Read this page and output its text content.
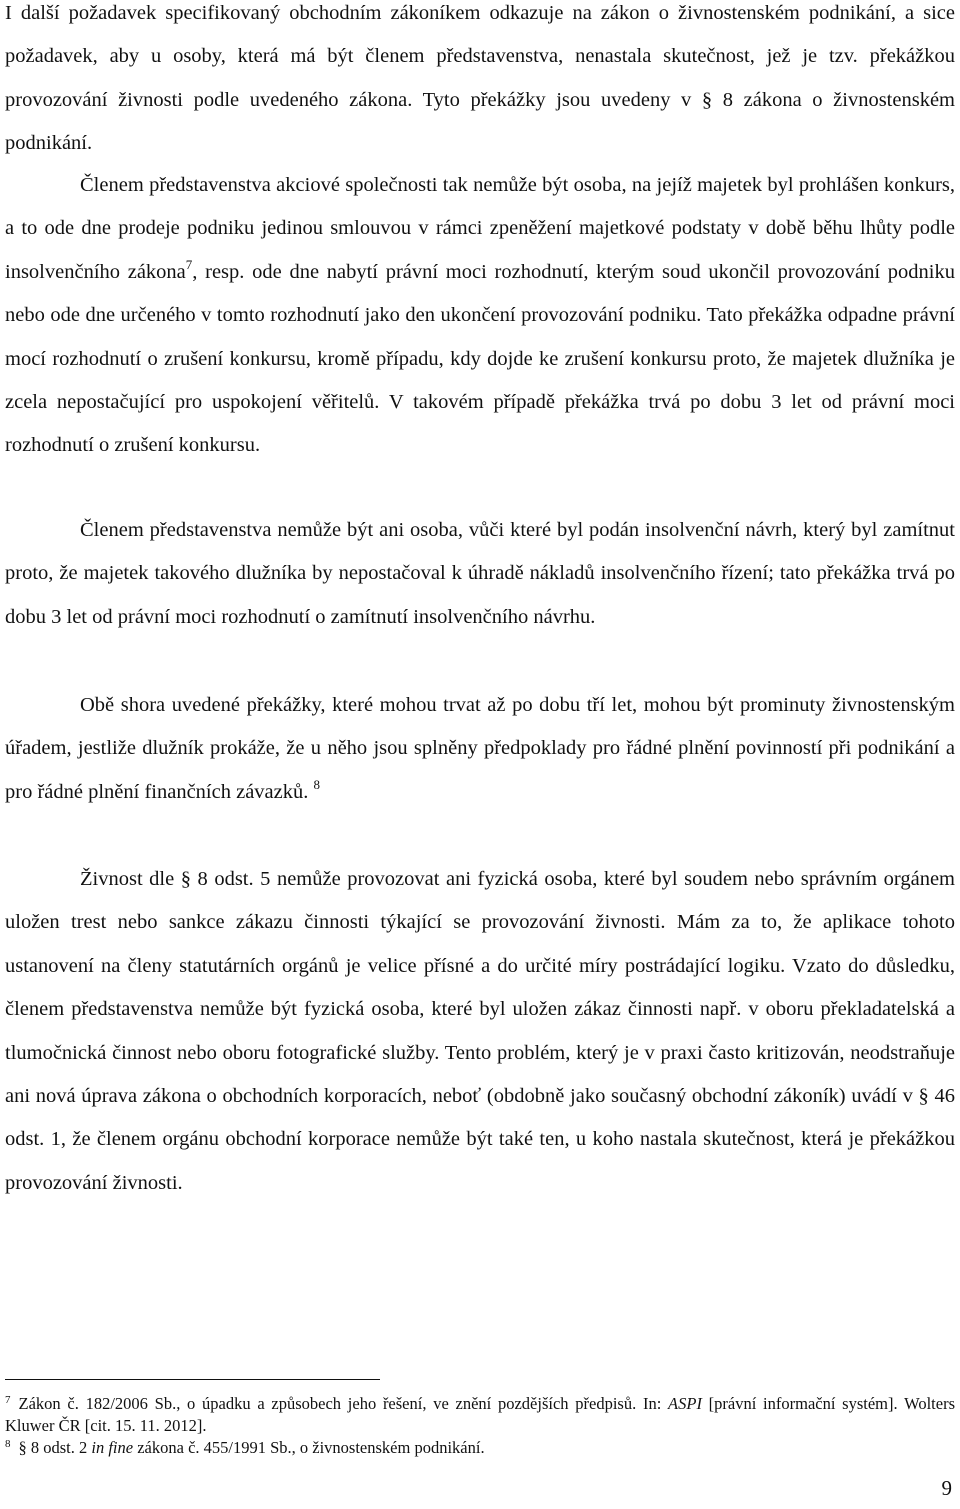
I další požadavek specifikovaný obchodním zákoníkem odkazuje na zákon o živnostenském podnikání, a sice požadavek, aby u osoby, která má být členem představenstva, nenastala skutečnost, jež je tzv. překážkou provozování živnosti podle uvedeného zákona. Tyto překážky jsou uvedeny v § 8 zákona o živnostenském podnikání.

Členem představenstva akciové společnosti tak nemůže být osoba, na jejíž majetek byl prohlášen konkurs, a to ode dne prodeje podniku jedinou smlouvou v rámci zpeněžení majetkové podstaty v době běhu lhůty podle insolvenčního zákona$^7$, resp. ode dne nabytí právní moci rozhodnutí, kterým soud ukončil provozování podniku nebo ode dne určeného v tomto rozhodnutí jako den ukončení provozování podniku. Tato překážka odpadne právní mocí rozhodnutí o zrušení konkursu, kromě případu, kdy dojde ke zrušení konkursu proto, že majetek dlužníka je zcela nepostačující pro uspokojení věřitelů. V takovém případě překážka trvá po dobu 3 let od právní moci rozhodnutí o zrušení konkursu.

Členem představenstva nemůže být ani osoba, vůči které byl podán insolvenční návrh, který byl zamítnut proto, že majetek takového dlužníka by nepostačoval k úhradě nákladů insolvenčního řízení; tato překážka trvá po dobu 3 let od právní moci rozhodnutí o zamítnutí insolvenčního návrhu.

Obě shora uvedené překážky, které mohou trvat až po dobu tří let, mohou být prominuty živnostenským úřadem, jestliže dlužník prokáže, že u něho jsou splněny předpoklady pro řádné plnění povinností při podnikání a pro řádné plnění finančních závazků. $^8$

Živnost dle § 8 odst. 5 nemůže provozovat ani fyzická osoba, které byl soudem nebo správním orgánem uložen trest nebo sankce zákazu činnosti týkající se provozování živnosti. Mám za to, že aplikace tohoto ustanovení na členy statutárních orgánů je velice přísné a do určité míry postrádající logiku. Vzato do důsledku, členem představenstva nemůže být fyzická osoba, které byl uložen zákaz činnosti např. v oboru překladatelská a tlumočnická činnost nebo oboru fotografické služby. Tento problém, který je v praxi často kritizován, neodstraňuje ani nová úprava zákona o obchodních korporacích, neboť (obdobně jako současný obchodní zákoník) uvádí v § 46 odst. 1, že členem orgánu obchodní korporace nemůže být také ten, u koho nastala skutečnost, která je překážkou provozování živnosti.

$^7$ Zákon č. 182/2006 Sb., o úpadku a způsobech jeho řešení, ve znění pozdějších předpisů. In: ASPI [právní informační systém]. Wolters Kluwer ČR [cit. 15. 11. 2012].

$^8$ § 8 odst. 2 in fine zákona č. 455/1991 Sb., o živnostenském podnikání.

9
